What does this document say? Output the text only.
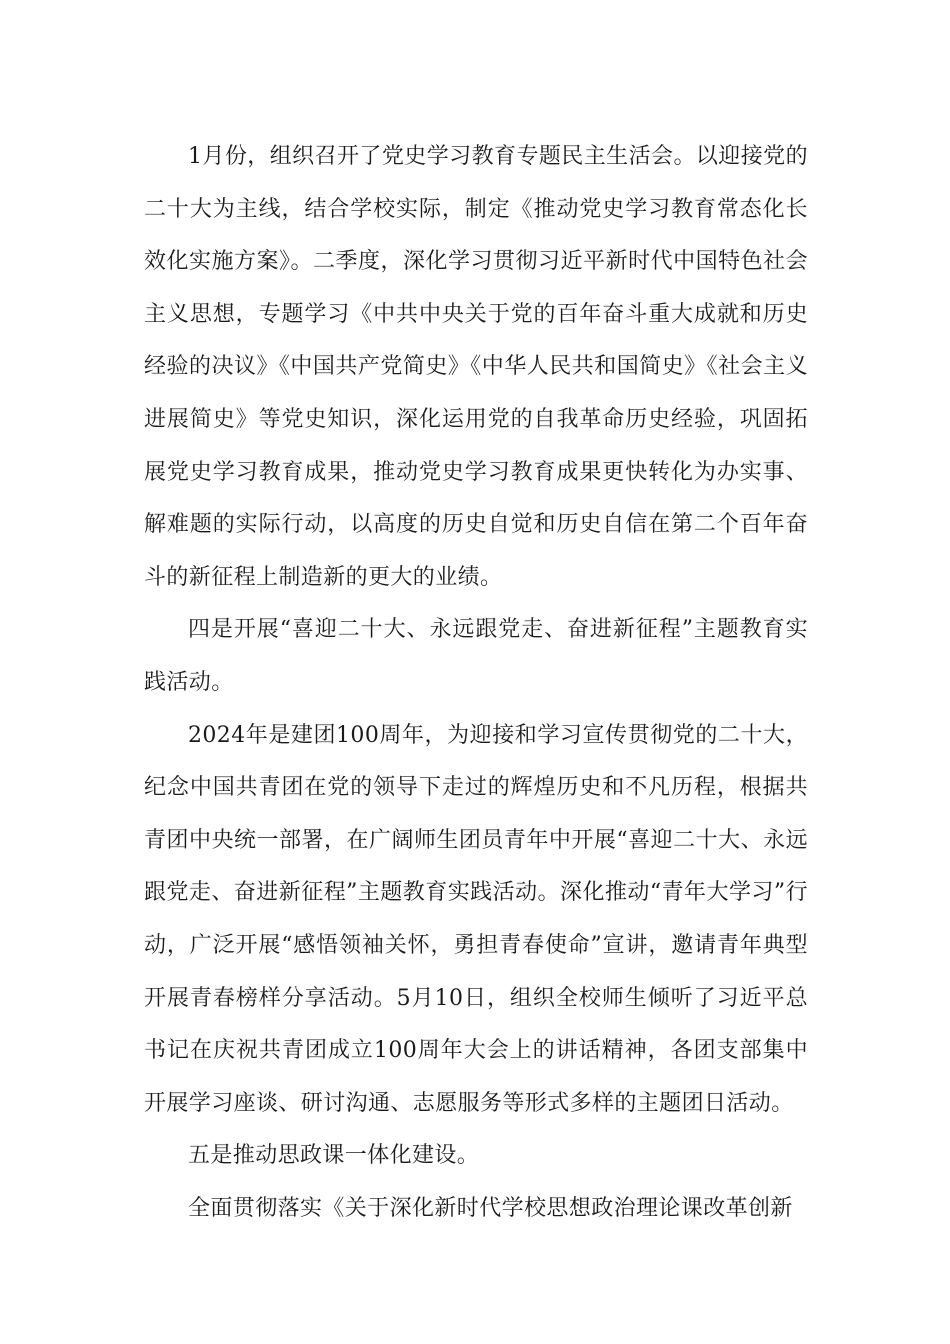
1月份，组织召开了党史学习教育专题民主生活会。以迎接党的二十大为主线，结合学校实际，制定《推动党史学习教育常态化长效化实施方案》。二季度，深化学习贯彻习近平新时代中国特色社会主义思想，专题学习《中共中央关于党的百年奋斗重大成就和历史经验的决议》《中国共产党简史》《中华人民共和国简史》《社会主义进展简史》等党史知识，深化运用党的自我革命历史经验，巩固拓展党史学习教育成果，推动党史学习教育成果更快转化为办实事、解难题的实际行动，以高度的历史自觉和历史自信在第二个百年奋斗的新征程上制造新的更大的业绩。

四是开展“喜迎二十大、永远跟党走、奋进新征程”主题教育实践活动。

2024年是建团100周年，为迎接和学习宣传贯彻党的二十大，纪念中国共青团在党的领导下走过的辉煌历史和不凡历程，根据共青团中央统一部署，在广阔师生团员青年中开展“喜迎二十大、永远跟党走、奋进新征程”主题教育实践活动。深化推动“青年大学习”行动，广泛开展“感悟领袖关怀，勇担青春使命”宣讲，邀请青年典型开展青春榜样分享活动。5月10日，组织全校师生倾听了习近平总书记在庆祝共青团成立100周年大会上的讲话精神，各团支部集中开展学习座谈、研讨沟通、志愿服务等形式多样的主题团日活动。

五是推动思政课一体化建设。

全面贯彻落实《关于深化新时代学校思想政治理论课改革创新
